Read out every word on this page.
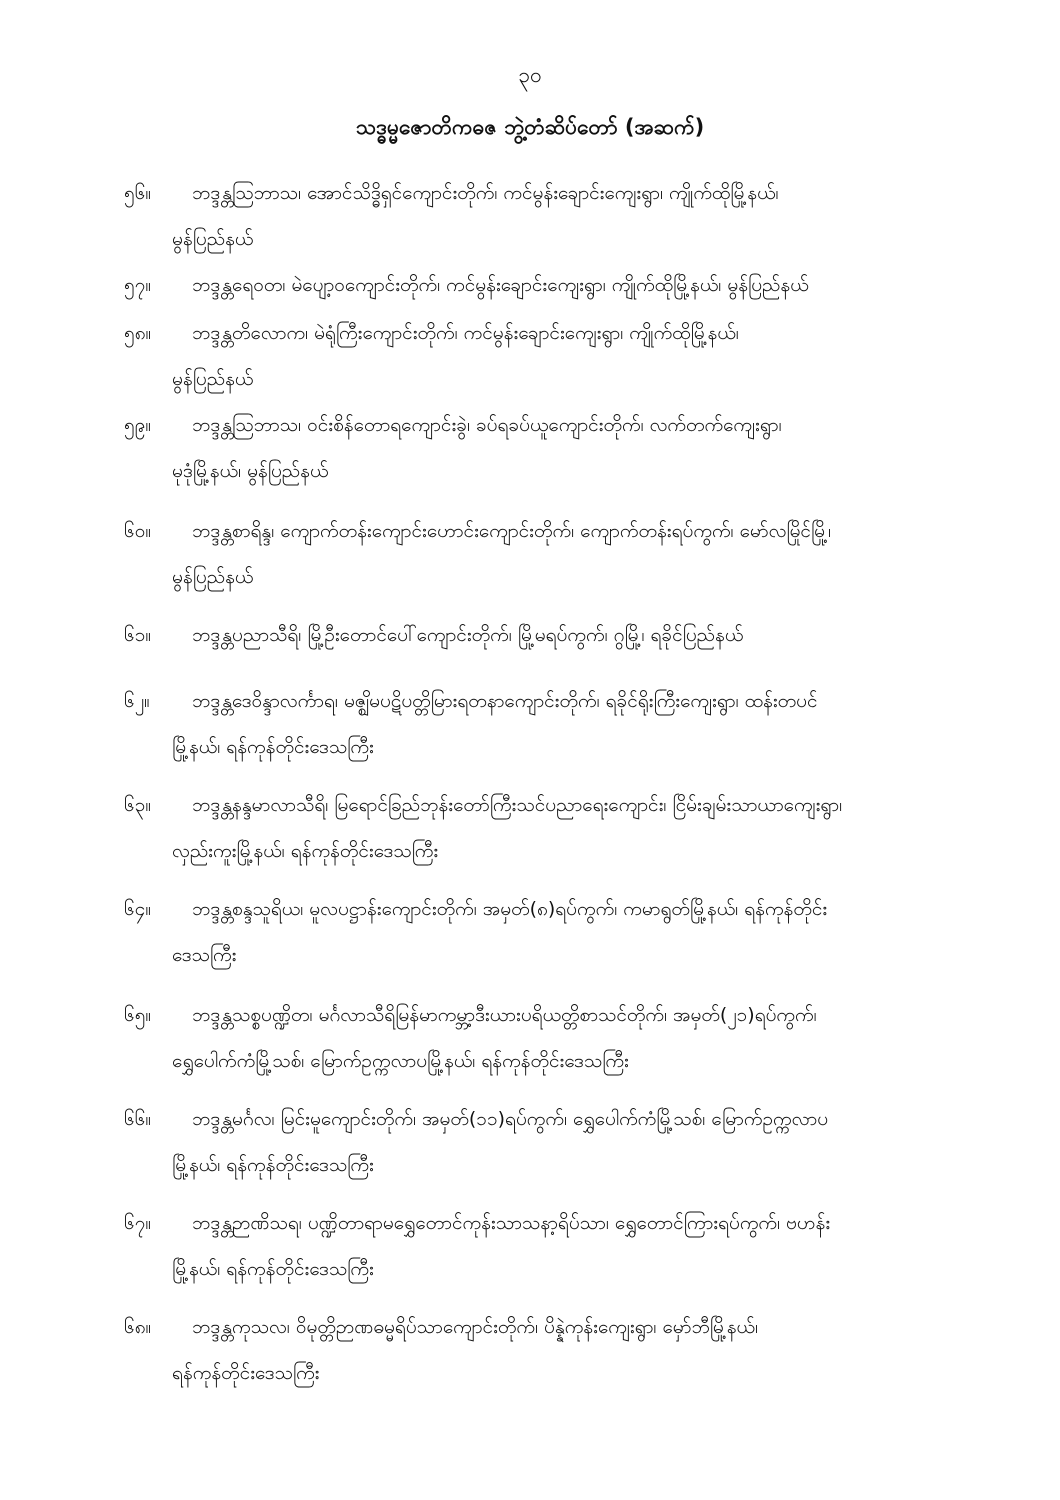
၃၀
သဒ္ဓမ္မဇောတိကဓဇ ဘွဲ့တံဆိပ်တော် (အဆက်)
၅၆။	ဘဒ္ဒန္တသြဘာသ၊ အောင်သိဒ္ဓိရှင်ကျောင်းတိုက်၊ ကင်မွန်းချောင်းကျေးရွာ၊ ကျိုက်ထိုမြို့နယ်၊
မွန်ပြည်နယ်

၅၇။	ဘဒ္ဒန္တရေဝတ၊ မဲပျော့ဝကျောင်းတိုက်၊ ကင်မွန်းချောင်းကျေးရွာ၊ ကျိုက်ထိုမြို့နယ်၊ မွန်ပြည်နယ်

၅၈။	ဘဒ္ဒန္တတိလောက၊ မဲရုံကြီးကျောင်းတိုက်၊ ကင်မွန်းချောင်းကျေးရွာ၊ ကျိုက်ထိုမြို့နယ်၊
မွန်ပြည်နယ်

၅၉။	ဘဒ္ဒန္တသြဘာသ၊ ဝင်းစိန်တောရကျောင်းခွဲ၊ ခပ်ရခပ်ယူကျောင်းတိုက်၊ လက်တက်ကျေးရွာ၊
မုဒုံမြို့နယ်၊ မွန်ပြည်နယ်

၆၀။	ဘဒ္ဒန္တစာရိန္ဒ၊ ကျောက်တန်းကျောင်းဟောင်းကျောင်းတိုက်၊ ကျောက်တန်းရပ်ကွက်၊ မော်လမြိုင်မြို့၊
မွန်ပြည်နယ်

၆၁။	ဘဒ္ဒန္တပညာသီရိ၊ မြို့ဦးတောင်ပေါ်ကျောင်းတိုက်၊ မြို့မရပ်ကွက်၊ ဂွမြို့၊ ရခိုင်ပြည်နယ်

၆၂။	ဘဒ္ဒန္တဒေဝိန္ဒာလင်္ကာရ၊ မဇ္ဈိမပဋိပတ္တိမြားရတနာကျောင်းတိုက်၊ ရခိုင်ရိုးကြီးကျေးရွာ၊ ထန်းတပင်
မြို့နယ်၊ ရန်ကုန်တိုင်းဒေသကြီး

၆၃။	ဘဒ္ဒန္တနန္ဒမာလာသီရိ၊ မြရောင်ခြည်ဘုန်းတော်ကြီးသင်ပညာရေးကျောင်း၊ ငြိမ်းချမ်းသာယာကျေးရွာ၊
လှည်းကူးမြို့နယ်၊ ရန်ကုန်တိုင်းဒေသကြီး

၆၄။	ဘဒ္ဒန္တစန္ဒသူရိယ၊ မူလပဋ္ဌာန်းကျောင်းတိုက်၊ အမှတ်(၈)ရပ်ကွက်၊ ကမာရွတ်မြို့နယ်၊ ရန်ကုန်တိုင်း
ဒေသကြီး

၆၅။	ဘဒ္ဒန္တသစ္စပဏ္ဍိတ၊ မင်္ဂလာသီရိမြန်မာကမ္ဘာ့ဒီးယားပရိယတ္တိစာသင်တိုက်၊ အမှတ်(၂၁)ရပ်ကွက်၊
ရွှေပေါက်ကံမြို့သစ်၊ မြောက်ဥက္ကလာပမြို့နယ်၊ ရန်ကုန်တိုင်းဒေသကြီး

၆၆။	ဘဒ္ဒန္တမင်္ဂလ၊ မြင်းမူကျောင်းတိုက်၊ အမှတ်(၁၁)ရပ်ကွက်၊ ရွှေပေါက်ကံမြို့သစ်၊ မြောက်ဥက္ကလာပ
မြို့နယ်၊ ရန်ကုန်တိုင်းဒေသကြီး

၆၇။	ဘဒ္ဒန္တဉာဏိသရ၊ ပဏ္ဍိတာရာမရွှေတောင်ကုန်းသာသနာ့ရိပ်သာ၊ ရွှေတောင်ကြားရပ်ကွက်၊ ဗဟန်း
မြို့နယ်၊ ရန်ကုန်တိုင်းဒေသကြီး

၆၈။	ဘဒ္ဒန္တကုသလ၊ ဝိမုတ္တိဉာဏဓမ္မရိပ်သာကျောင်းတိုက်၊ ပိန္နဲကုန်းကျေးရွာ၊ မှော်ဘီမြို့နယ်၊
ရန်ကုန်တိုင်းဒေသကြီး
